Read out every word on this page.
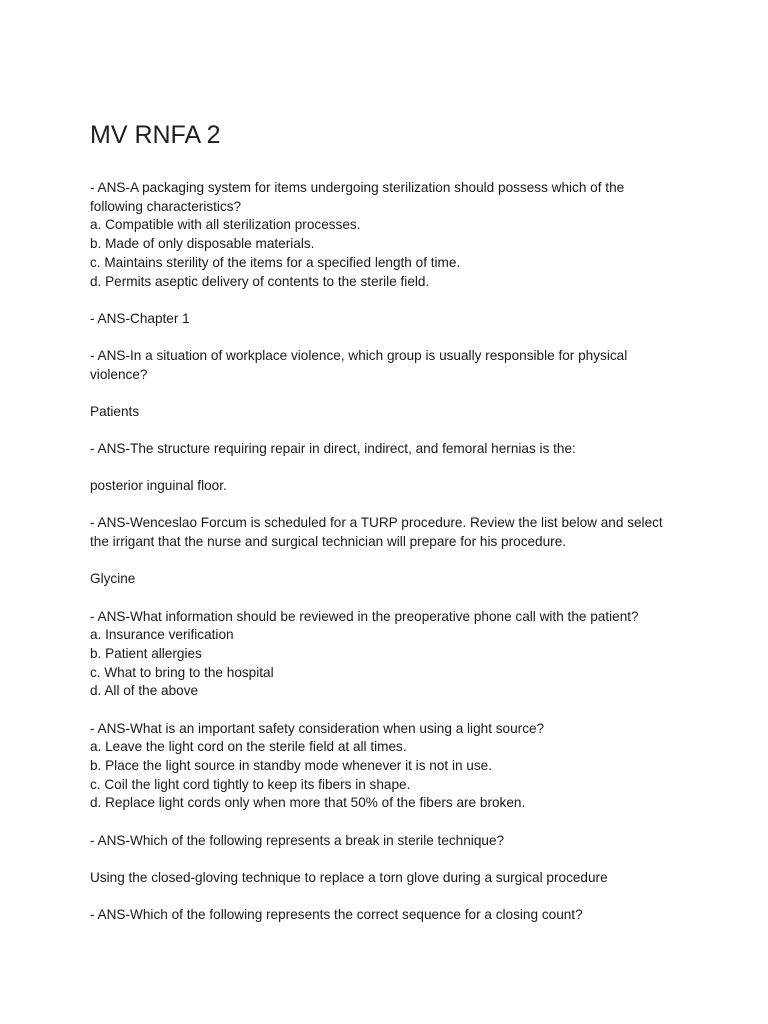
MV RNFA 2

- ANS-A packaging system for items undergoing sterilization should possess which of the
following characteristics?
a. Compatible with all sterilization processes.
b. Made of only disposable materials.
c. Maintains sterility of the items for a specified length of time.
d. Permits aseptic delivery of contents to the sterile field.

- ANS-Chapter 1

- ANS-In a situation of workplace violence, which group is usually responsible for physical
violence?

Patients

- ANS-The structure requiring repair in direct, indirect, and femoral hernias is the:

posterior inguinal floor.

- ANS-Wenceslao Forcum is scheduled for a TURP procedure. Review the list below and select
the irrigant that the nurse and surgical technician will prepare for his procedure.

Glycine

- ANS-What information should be reviewed in the preoperative phone call with the patient?
a. Insurance verification
b. Patient allergies
c. What to bring to the hospital
d. All of the above

- ANS-What is an important safety consideration when using a light source?
a. Leave the light cord on the sterile field at all times.
b. Place the light source in standby mode whenever it is not in use.
c. Coil the light cord tightly to keep its fibers in shape.
d. Replace light cords only when more that 50% of the fibers are broken.

- ANS-Which of the following represents a break in sterile technique?

Using the closed-gloving technique to replace a torn glove during a surgical procedure

- ANS-Which of the following represents the correct sequence for a closing count?
